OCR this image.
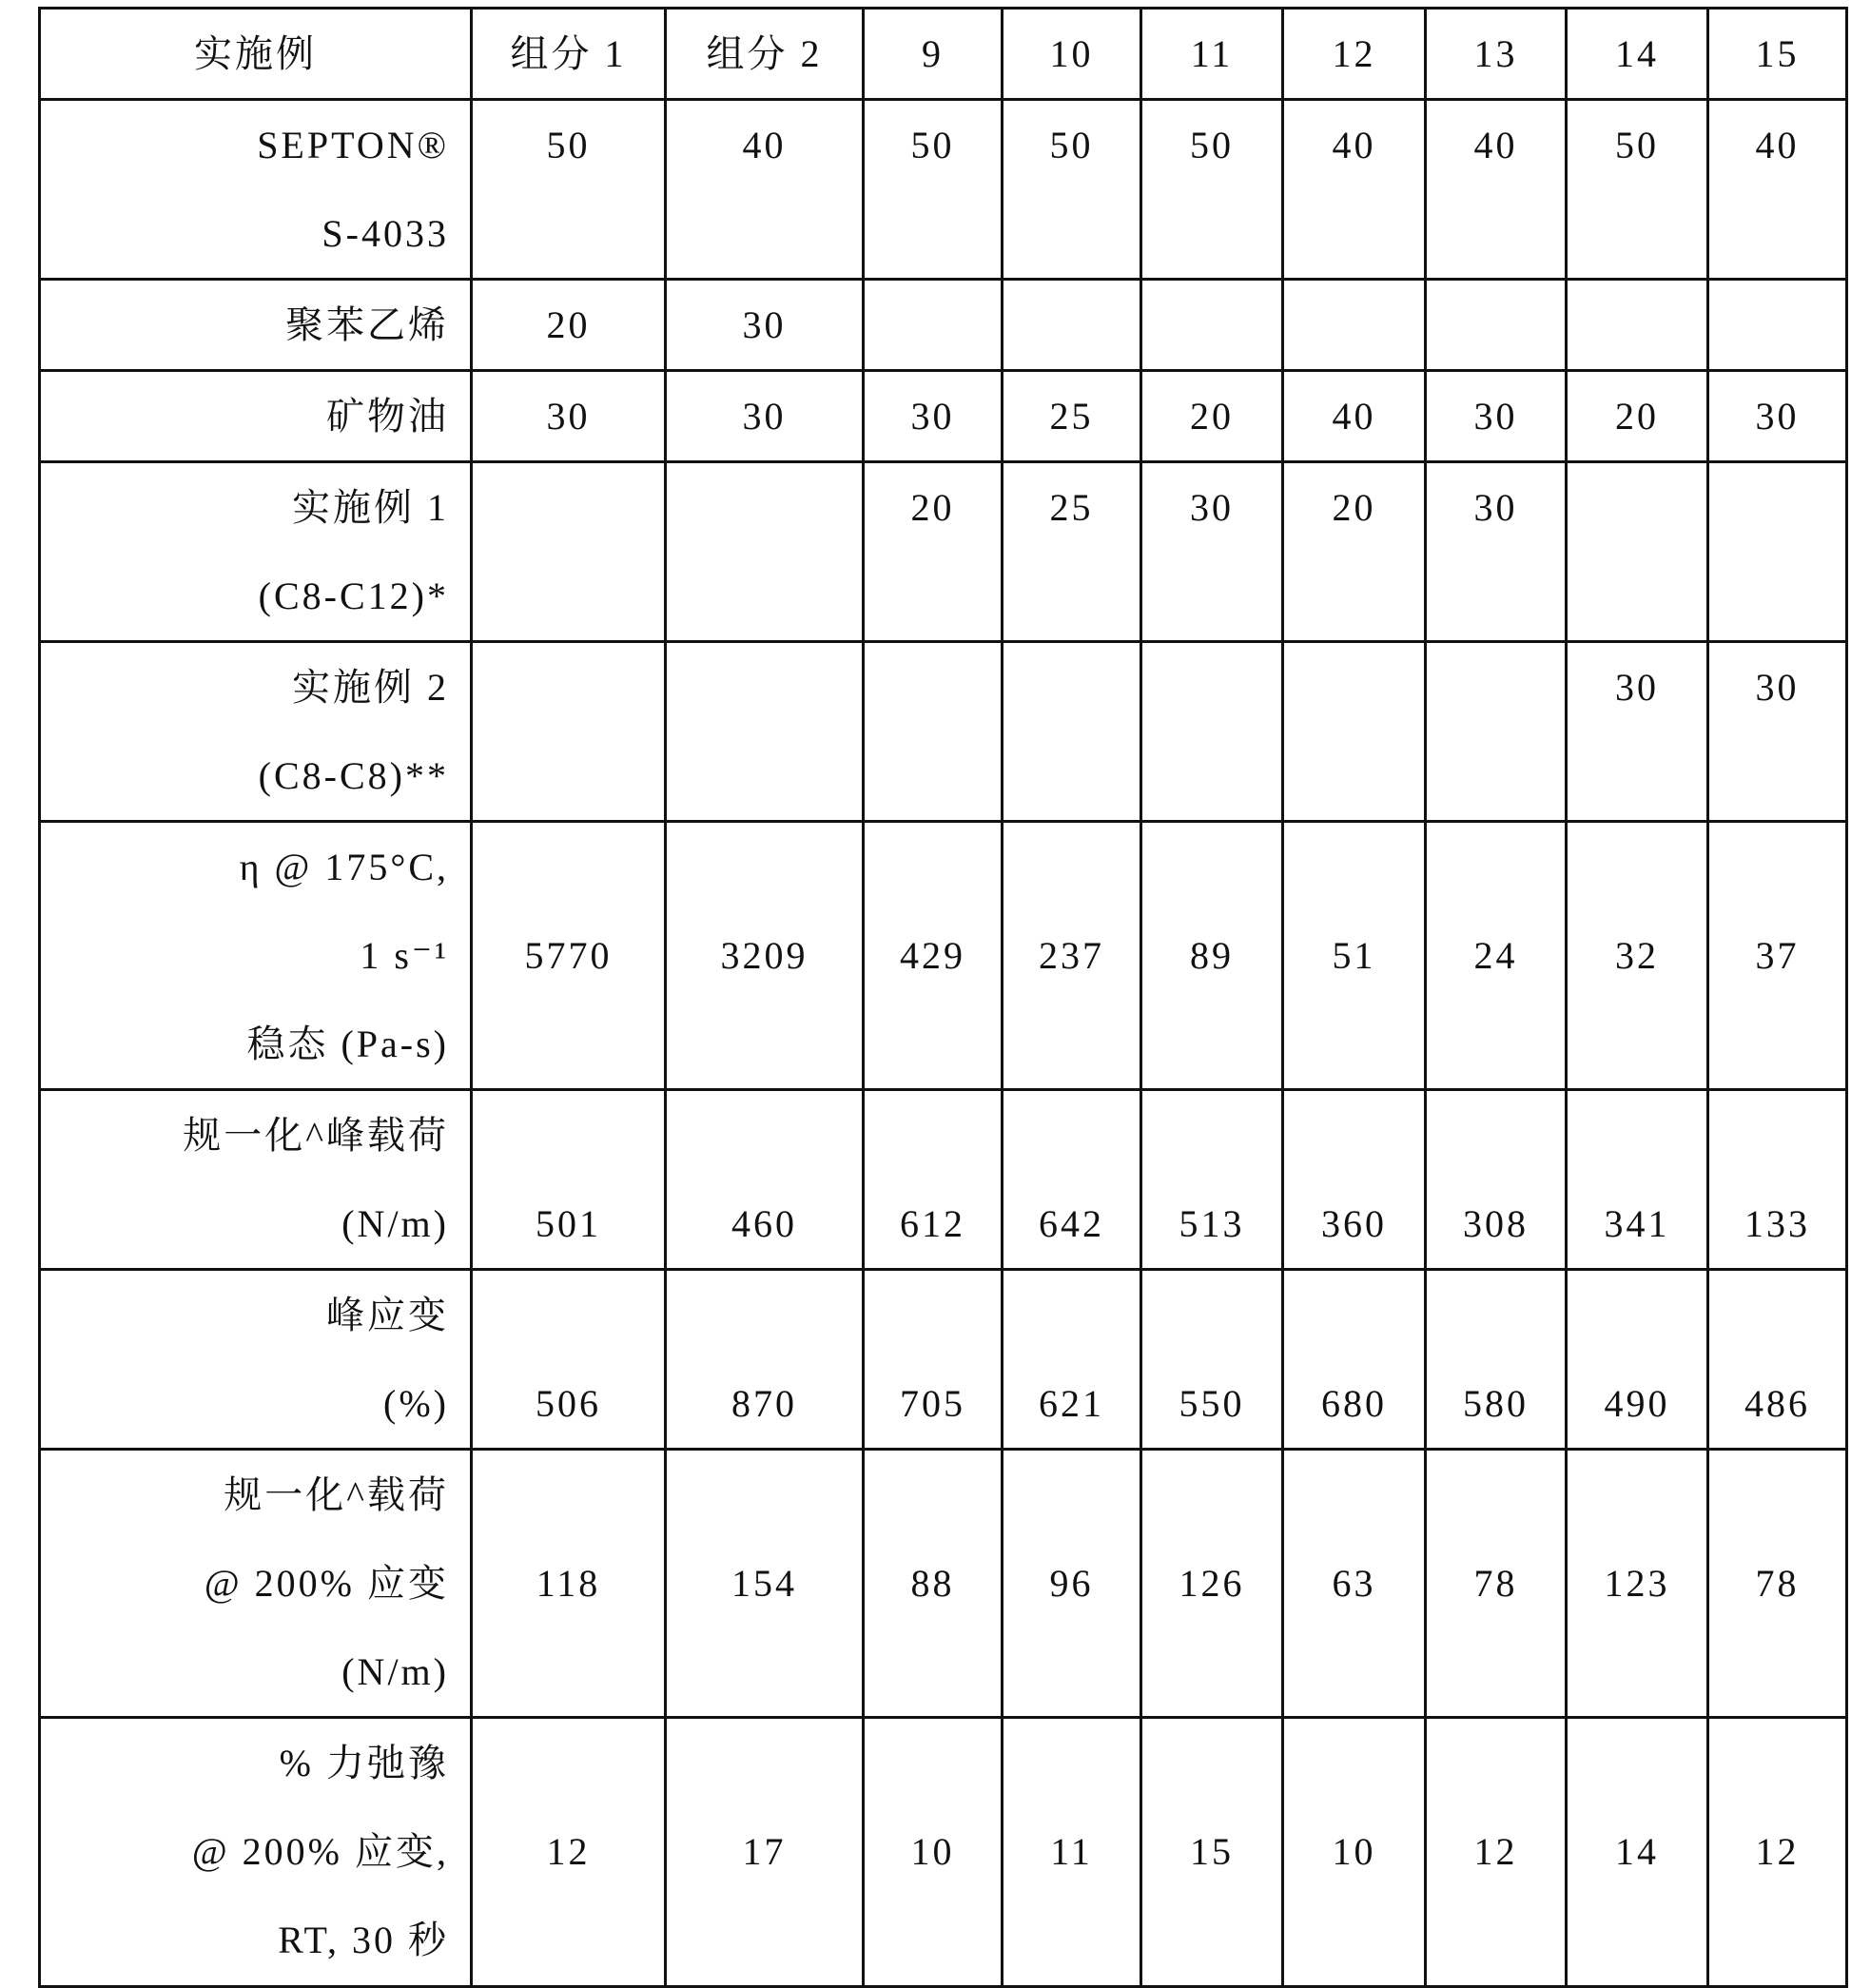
实施例	组分 1	组分 2	9	10	11	12	13	14	15

SEPTON®
S-4033

50	40	50	50	50	40	40	50	40

聚苯乙烯	20	30

矿物油	30	30	30	25	20	40	30	20	30

实施例 1
(C8-C12)*

20	25	30	20	30

实施例 2
(C8-C8)**

30	30

η @ 175°C,
1 s⁻¹
稳态 (Pa-s)

5770	3209	429	237	89	51	24	32	37

规一化^峰载荷
(N/m)	501	460	612	642	513	360	308	341	133

峰应变
(%)	506	870	705	621	550	680	580	490	486

规一化^载荷
@ 200% 应变
(N/m)

118	154	88	96	126	63	78	123	78

% 力弛豫
@ 200% 应变,
RT, 30 秒

12	17	10	11	15	10	12	14	12
